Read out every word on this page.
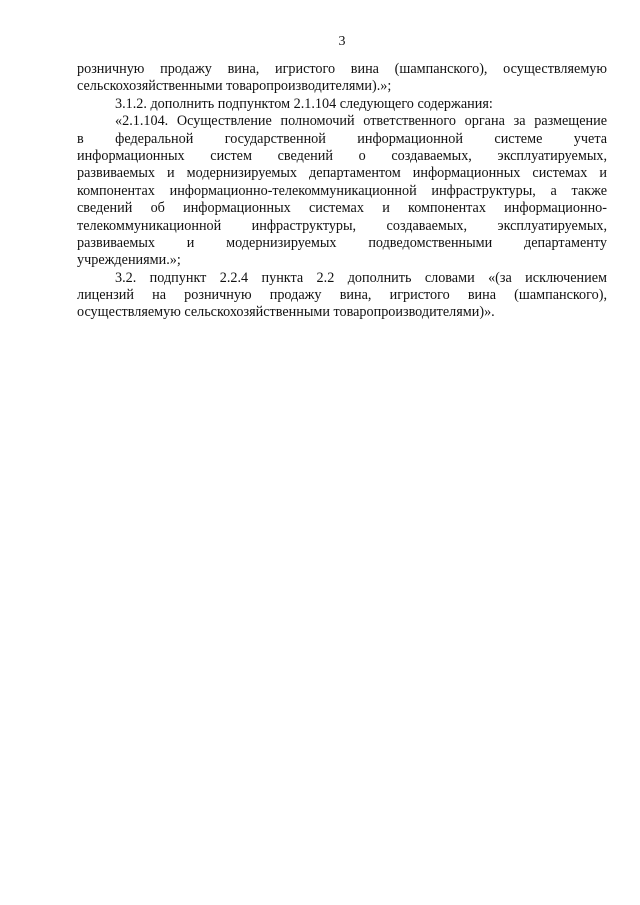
3
розничную продажу вина, игристого вина (шампанского), осуществляемую
сельскохозяйственными товаропроизводителями).»;
3.1.2. дополнить подпунктом 2.1.104 следующего содержания:
«2.1.104. Осуществление полномочий ответственного органа за размещение
в федеральной государственной информационной системе учета
информационных систем сведений о создаваемых, эксплуатируемых,
развиваемых и модернизируемых департаментом информационных системах и
компонентах информационно-телекоммуникационной инфраструктуры, а также
сведений об информационных системах и компонентах информационно-
телекоммуникационной инфраструктуры, создаваемых, эксплуатируемых,
развиваемых и модернизируемых подведомственными департаменту
учреждениями.»;
3.2. подпункт 2.2.4 пункта 2.2 дополнить словами «(за исключением
лицензий на розничную продажу вина, игристого вина (шампанского),
осуществляемую сельскохозяйственными товаропроизводителями)».
